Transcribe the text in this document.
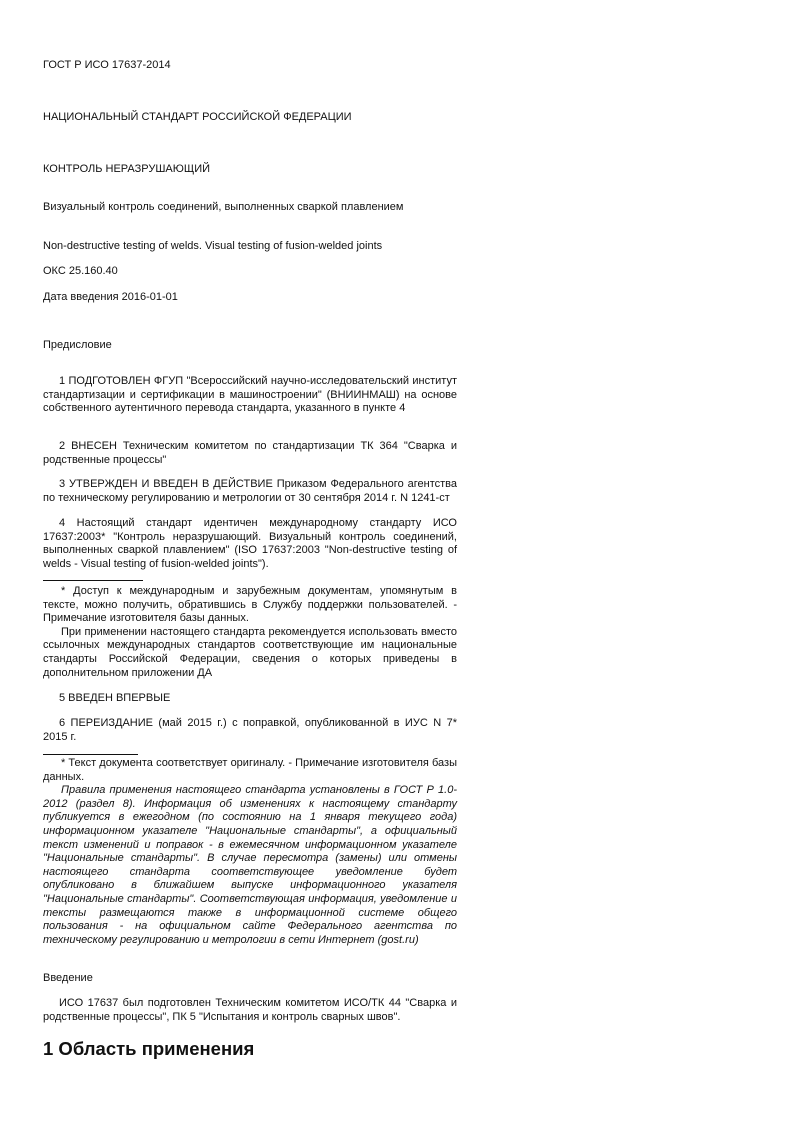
ГОСТ Р ИСО 17637-2014
НАЦИОНАЛЬНЫЙ СТАНДАРТ РОССИЙСКОЙ ФЕДЕРАЦИИ
КОНТРОЛЬ НЕРАЗРУШАЮЩИЙ
Визуальный контроль соединений, выполненных сваркой плавлением
Non-destructive testing of welds. Visual testing of fusion-welded joints
ОКС 25.160.40
Дата введения 2016-01-01
Предисловие

1 ПОДГОТОВЛЕН ФГУП "Всероссийский научно-исследовательский институт стандартизации и сертификации в машиностроении" (ВНИИНМАШ) на основе собственного аутентичного перевода стандарта, указанного в пункте 4

2 ВНЕСЕН Техническим комитетом по стандартизации ТК 364 "Сварка и родственные процессы"

3 УТВЕРЖДЕН И ВВЕДЕН В ДЕЙСТВИЕ Приказом Федерального агентства по техническому регулированию и метрологии от 30 сентября 2014 г. N 1241-ст

4 Настоящий стандарт идентичен международному стандарту ИСО 17637:2003* "Контроль неразрушающий. Визуальный контроль соединений, выполненных сваркой плавлением" (ISO 17637:2003 "Non-destructive testing of welds - Visual testing of fusion-welded joints").

* Доступ к международным и зарубежным документам, упомянутым в тексте, можно получить, обратившись в Службу поддержки пользователей. - Примечание изготовителя базы данных.

При применении настоящего стандарта рекомендуется использовать вместо ссылочных международных стандартов соответствующие им национальные стандарты Российской Федерации, сведения о которых приведены в дополнительном приложении ДА

5 ВВЕДЕН ВПЕРВЫЕ

6 ПЕРЕИЗДАНИЕ (май 2015 г.) с поправкой, опубликованной в ИУС N 7* 2015 г.

* Текст документа соответствует оригиналу. - Примечание изготовителя базы данных.

Правила применения настоящего стандарта установлены в ГОСТ Р 1.0-2012 (раздел 8). Информация об изменениях к настоящему стандарту публикуется в ежегодном (по состоянию на 1 января текущего года) информационном указателе "Национальные стандарты", а официальный текст изменений и поправок - в ежемесячном информационном указателе "Национальные стандарты". В случае пересмотра (замены) или отмены настоящего стандарта соответствующее уведомление будет опубликовано в ближайшем выпуске информационного указателя "Национальные стандарты". Соответствующая информация, уведомление и тексты размещаются также в информационной системе общего пользования - на официальном сайте Федерального агентства по техническому регулированию и метрологии в сети Интернет (gost.ru)

Введение

ИСО 17637 был подготовлен Техническим комитетом ИСО/ТК 44 "Сварка и родственные процессы", ПК 5 "Испытания и контроль сварных швов".

1 Область применения
